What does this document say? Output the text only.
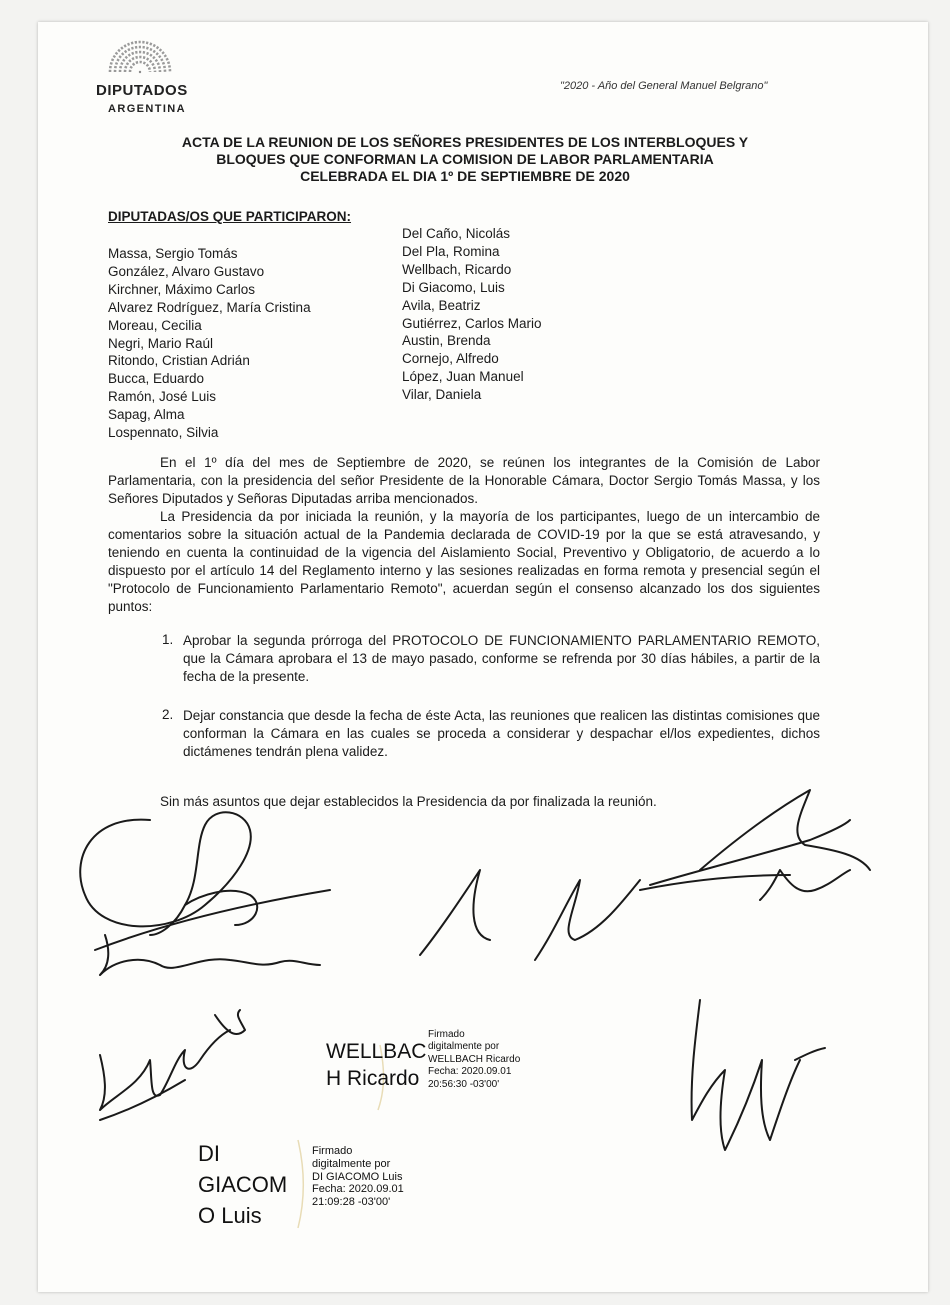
DIPUTADOS
ARGENTINA
"2020 - Año del General Manuel Belgrano"
ACTA DE LA REUNION DE LOS SEÑORES PRESIDENTES DE LOS INTERBLOQUES Y
BLOQUES QUE CONFORMAN LA COMISION DE LABOR PARLAMENTARIA
CELEBRADA EL DIA 1º DE SEPTIEMBRE DE 2020
DIPUTADAS/OS QUE PARTICIPARON:
Massa, Sergio Tomás
González, Alvaro Gustavo
Kirchner, Máximo Carlos
Alvarez Rodríguez, María Cristina
Moreau, Cecilia
Negri, Mario Raúl
Ritondo, Cristian Adrián
Bucca, Eduardo
Ramón, José Luis
Sapag, Alma
Lospennato, Silvia
Del Caño, Nicolás
Del Pla, Romina
Wellbach, Ricardo
Di Giacomo, Luis
Avila, Beatriz
Gutiérrez, Carlos Mario
Austin, Brenda
Cornejo, Alfredo
López, Juan Manuel
Vilar, Daniela
En el 1º día del mes de Septiembre de 2020, se reúnen los integrantes de la Comisión de Labor Parlamentaria, con la presidencia del señor Presidente de la Honorable Cámara, Doctor Sergio Tomás Massa, y los Señores Diputados y Señoras Diputadas arriba mencionados.
La Presidencia da por iniciada la reunión, y la mayoría de los participantes, luego de un intercambio de comentarios sobre la situación actual de la Pandemia declarada de COVID-19 por la que se está atravesando, y teniendo en cuenta la continuidad de la vigencia del Aislamiento Social, Preventivo y Obligatorio, de acuerdo a lo dispuesto por el artículo 14 del Reglamento interno y las sesiones realizadas en forma remota y presencial según el "Protocolo de Funcionamiento Parlamentario Remoto", acuerdan según el consenso alcanzado los dos siguientes puntos:
1. Aprobar la segunda prórroga del PROTOCOLO DE FUNCIONAMIENTO PARLAMENTARIO REMOTO, que la Cámara aprobara el 13 de mayo pasado, conforme se refrenda por 30 días hábiles, a partir de la fecha de la presente.
2. Dejar constancia que desde la fecha de éste Acta, las reuniones que realicen las distintas comisiones que conforman la Cámara en las cuales se proceda a considerar y despachar el/los expedientes, dichos dictámenes tendrán plena validez.
Sin más asuntos que dejar establecidos la Presidencia da por finalizada la reunión.
WELLBAC
H Ricardo
Firmado
digitalmente por
WELLBACH Ricardo
Fecha: 2020.09.01
20:56:30 -03'00'
DI
GIACOM
O Luis
Firmado
digitalmente por
DI GIACOMO Luis
Fecha: 2020.09.01
21:09:28 -03'00'
